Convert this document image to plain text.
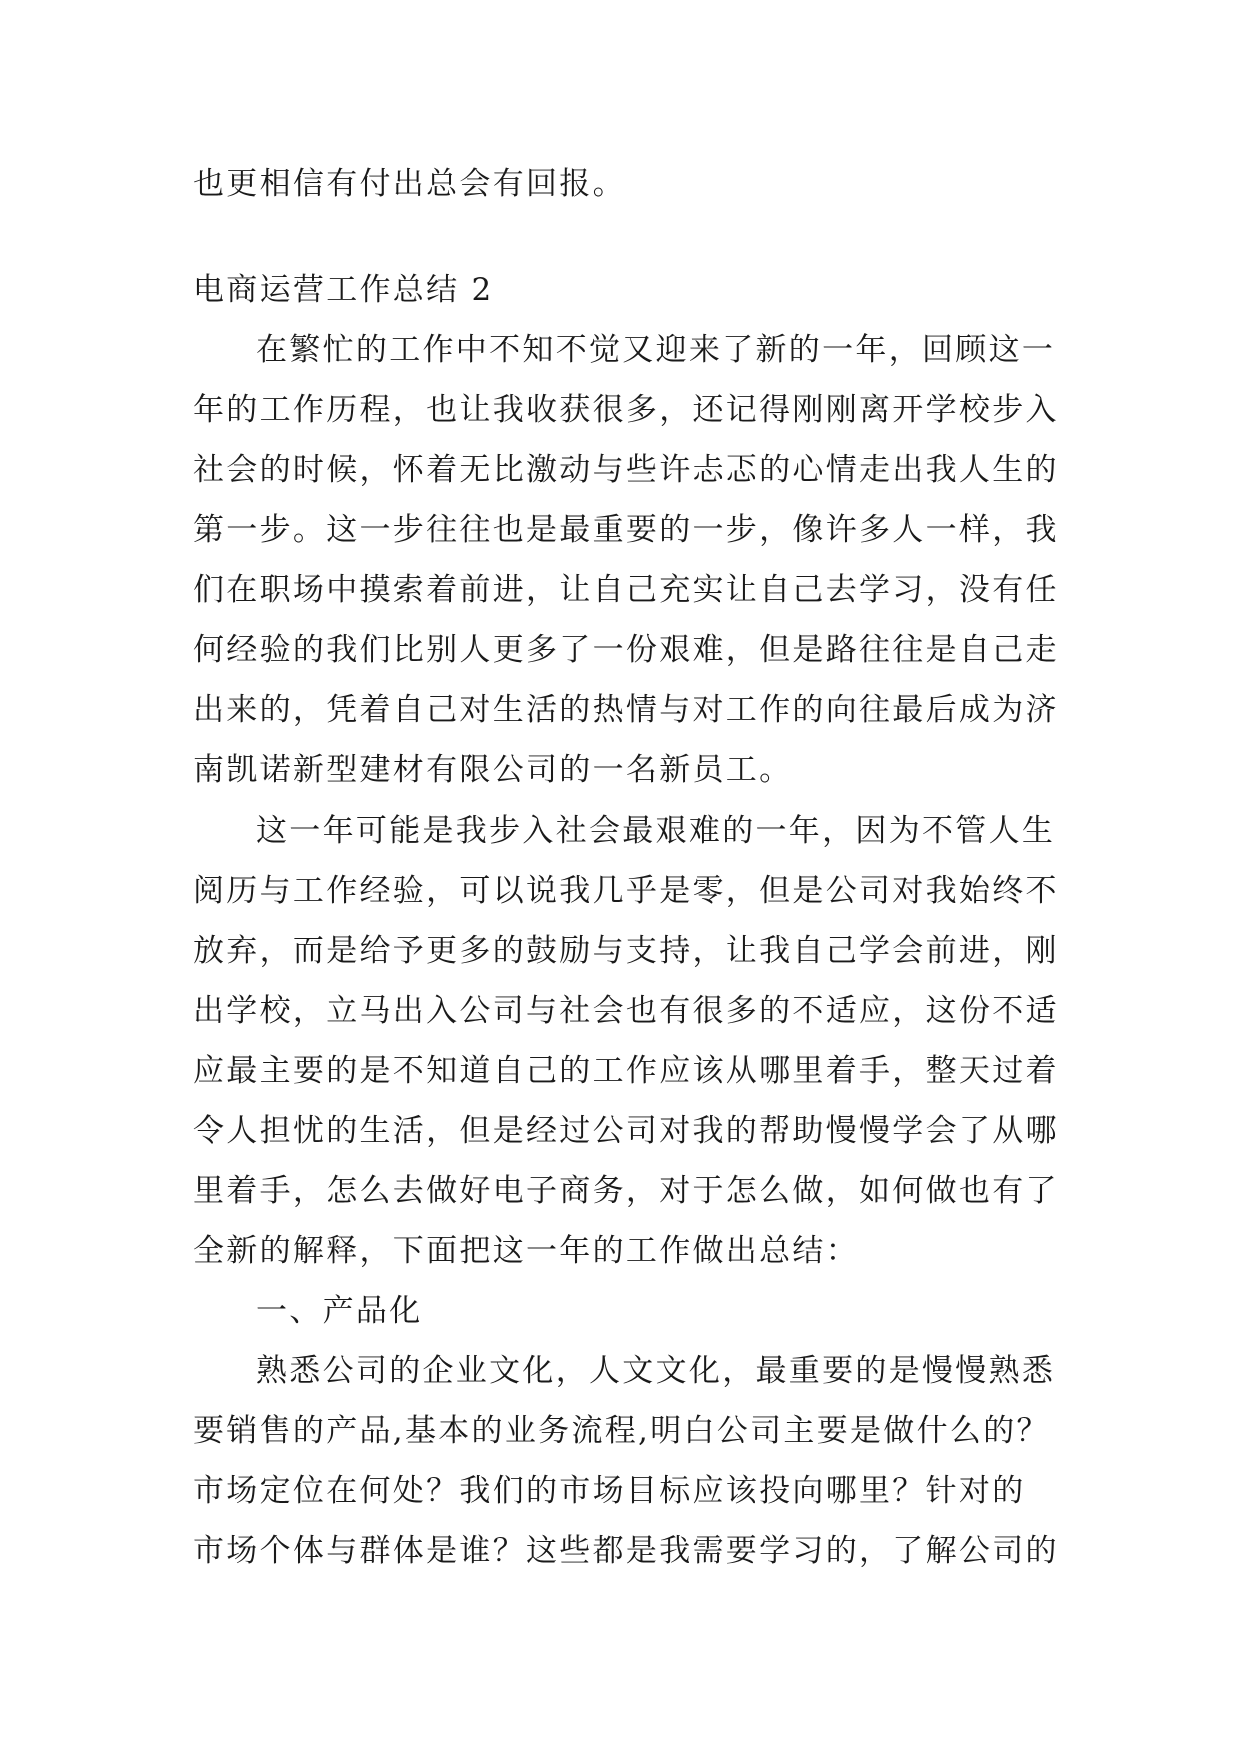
也更相信有付出总会有回报。
电商运营工作总结 2
在繁忙的工作中不知不觉又迎来了新的一年，回顾这一
年的工作历程，也让我收获很多，还记得刚刚离开学校步入
社会的时候，怀着无比激动与些许忐忑的心情走出我人生的
第一步。这一步往往也是最重要的一步，像许多人一样，我
们在职场中摸索着前进，让自己充实让自己去学习，没有任
何经验的我们比别人更多了一份艰难，但是路往往是自己走
出来的，凭着自己对生活的热情与对工作的向往最后成为济
南凯诺新型建材有限公司的一名新员工。
这一年可能是我步入社会最艰难的一年，因为不管人生
阅历与工作经验，可以说我几乎是零，但是公司对我始终不
放弃，而是给予更多的鼓励与支持，让我自己学会前进，刚
出学校，立马出入公司与社会也有很多的不适应，这份不适
应最主要的是不知道自己的工作应该从哪里着手，整天过着
令人担忧的生活，但是经过公司对我的帮助慢慢学会了从哪
里着手，怎么去做好电子商务，对于怎么做，如何做也有了
全新的解释，下面把这一年的工作做出总结：
一、产品化
熟悉公司的企业文化，人文文化，最重要的是慢慢熟悉
要销售的产品,基本的业务流程,明白公司主要是做什么的？
市场定位在何处？我们的市场目标应该投向哪里？针对的
市场个体与群体是谁？这些都是我需要学习的，了解公司的
